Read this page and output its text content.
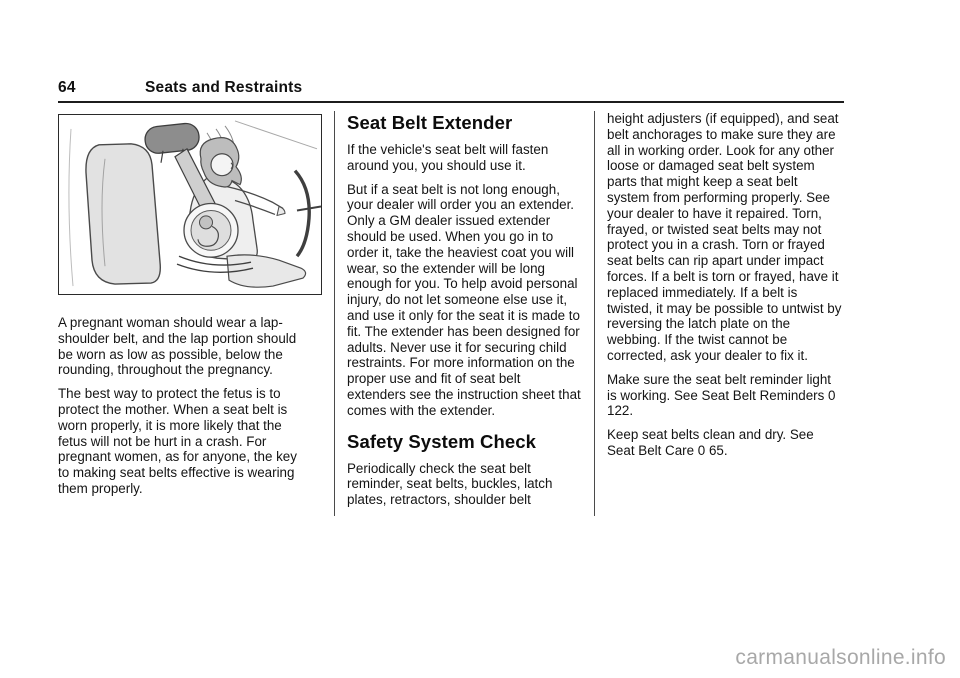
64	Seats and Restraints

A pregnant woman should wear a lap-shoulder belt, and the lap portion should be worn as low as possible, below the rounding, throughout the pregnancy.

The best way to protect the fetus is to protect the mother. When a seat belt is worn properly, it is more likely that the fetus will not be hurt in a crash. For pregnant women, as for anyone, the key to making seat belts effective is wearing them properly.

Seat Belt Extender

If the vehicle's seat belt will fasten around you, you should use it.

But if a seat belt is not long enough, your dealer will order you an extender. Only a GM dealer issued extender should be used. When you go in to order it, take the heaviest coat you will wear, so the extender will be long enough for you. To help avoid personal injury, do not let someone else use it, and use it only for the seat it is made to fit. The extender has been designed for adults. Never use it for securing child restraints. For more information on the proper use and fit of seat belt extenders see the instruction sheet that comes with the extender.

Safety System Check

Periodically check the seat belt reminder, seat belts, buckles, latch plates, retractors, shoulder belt

height adjusters (if equipped), and seat belt anchorages to make sure they are all in working order. Look for any other loose or damaged seat belt system parts that might keep a seat belt system from performing properly. See your dealer to have it repaired. Torn, frayed, or twisted seat belts may not protect you in a crash. Torn or frayed seat belts can rip apart under impact forces. If a belt is torn or frayed, have it replaced immediately. If a belt is twisted, it may be possible to untwist by reversing the latch plate on the webbing. If the twist cannot be corrected, ask your dealer to fix it.

Make sure the seat belt reminder light is working. See Seat Belt Reminders 0 122.

Keep seat belts clean and dry. See Seat Belt Care 0 65.

carmanualsonline.info
